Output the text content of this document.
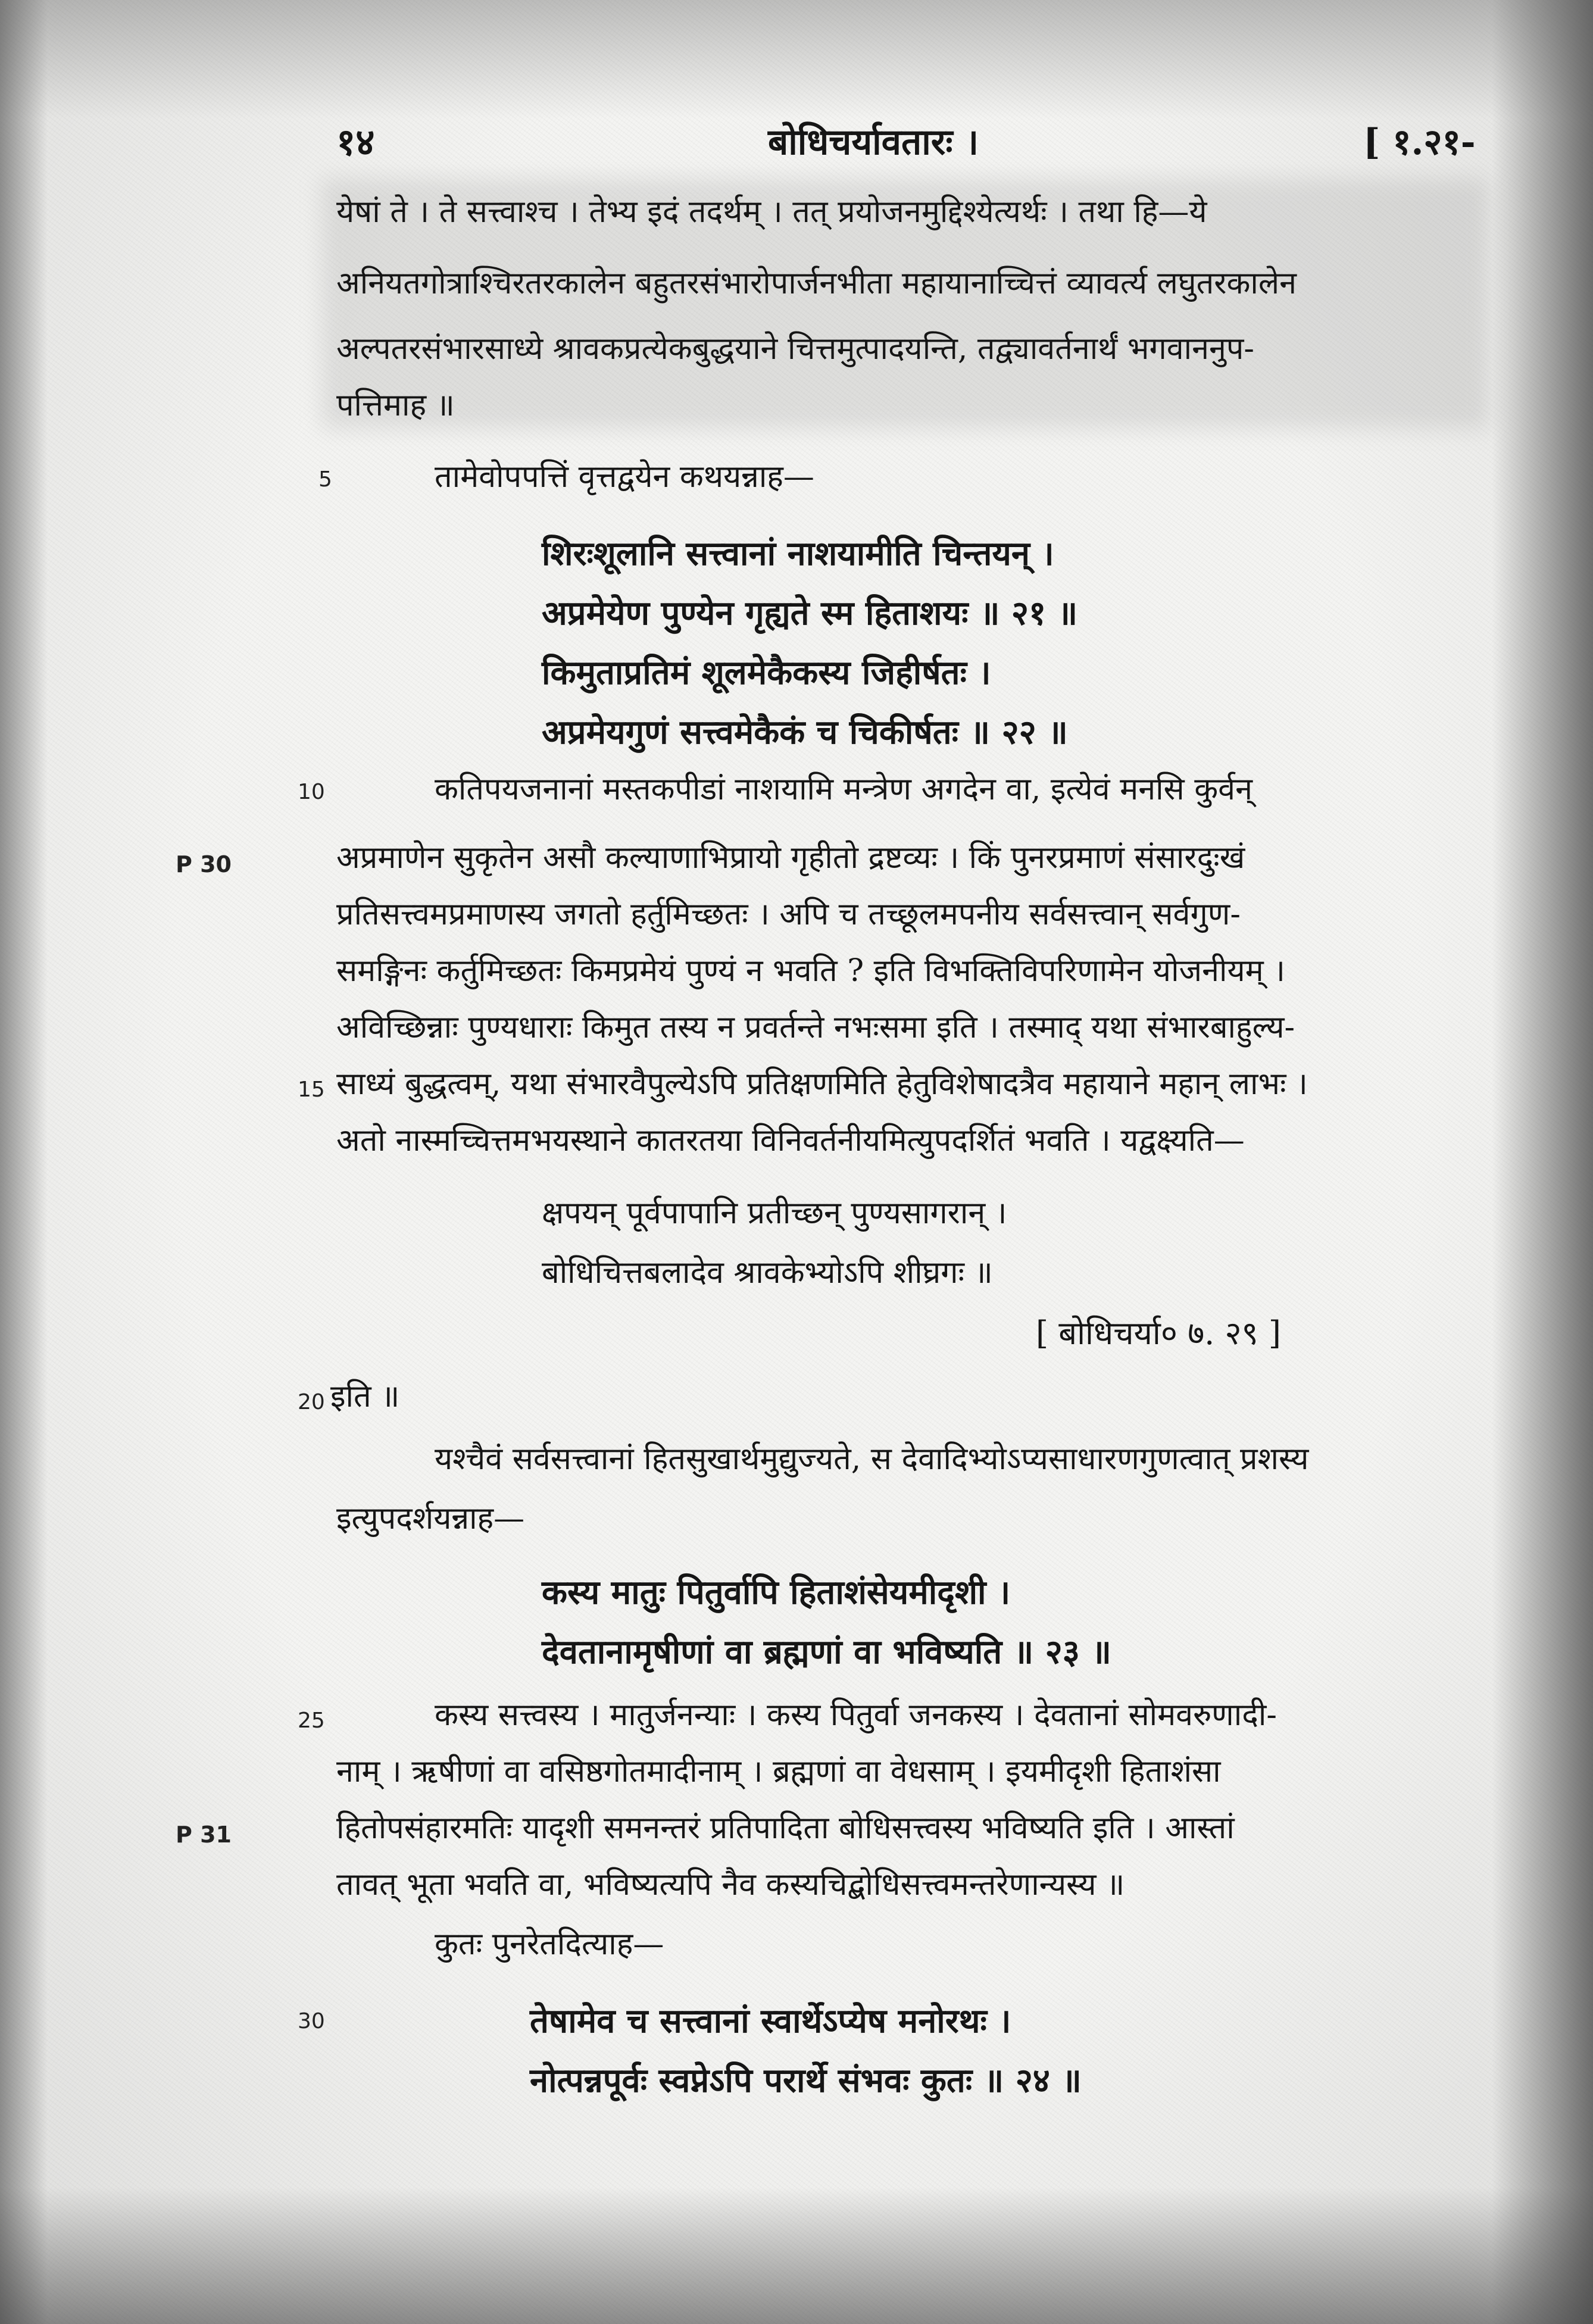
१४	बोधिचर्यावतारः ।	[ १.२१-
येषां ते । ते सत्त्वाश्च । तेभ्य इदं तदर्थम् । तत् प्रयोजनमुद्दिश्येत्यर्थः । तथा हि—ये
अनियतगोत्राश्चिरतरकालेन बहुतरसंभारोपार्जनभीता महायानाच्चित्तं व्यावर्त्य लघुतरकालेन
अल्पतरसंभारसाध्ये श्रावकप्रत्येकबुद्धयाने चित्तमुत्पादयन्ति, तद्व्यावर्तनार्थं भगवाननुप-
पत्तिमाह ॥
5	तामेवोपपत्तिं वृत्तद्वयेन कथयन्नाह—
शिरःशूलानि सत्त्वानां नाशयामीति चिन्तयन् ।
अप्रमेयेण पुण्येन गृह्यते स्म हिताशयः ॥ २१ ॥
किमुताप्रतिमं शूलमेकैकस्य जिहीर्षतः ।
अप्रमेयगुणं सत्त्वमेकैकं च चिकीर्षतः ॥ २२ ॥
10	कतिपयजनानां मस्तकपीडां नाशयामि मन्त्रेण अगदेन वा, इत्येवं मनसि कुर्वन्
P 30	अप्रमाणेन सुकृतेन असौ कल्याणाभिप्रायो गृहीतो द्रष्टव्यः । किं पुनरप्रमाणं संसारदुःखं
प्रतिसत्त्वमप्रमाणस्य जगतो हर्तुमिच्छतः । अपि च तच्छूलमपनीय सर्वसत्त्वान् सर्वगुण-
समङ्गिनः कर्तुमिच्छतः किमप्रमेयं पुण्यं न भवति ? इति विभक्तिविपरिणामेन योजनीयम् ।
अविच्छिन्नाः पुण्यधाराः किमुत तस्य न प्रवर्तन्ते नभःसमा इति । तस्माद् यथा संभारबाहुल्य-
15 साध्यं बुद्धत्वम्, यथा संभारवैपुल्येऽपि प्रतिक्षणमिति हेतुविशेषादत्रैव महायाने महान् लाभः ।
अतो नास्मच्चित्तमभयस्थाने कातरतया विनिवर्तनीयमित्युपदर्शितं भवति । यद्वक्ष्यति—
क्षपयन् पूर्वपापानि प्रतीच्छन् पुण्यसागरान् ।
बोधिचित्तबलादेव श्रावकेभ्योऽपि शीघ्रगः ॥
[ बोधिचर्या० ७. २९ ]
20 इति ॥
यश्चैवं सर्वसत्त्वानां हितसुखार्थमुद्युज्यते, स देवादिभ्योऽप्यसाधारणगुणत्वात् प्रशस्य
इत्युपदर्शयन्नाह—
कस्य मातुः पितुर्वापि हिताशंसेयमीदृशी ।
देवतानामृषीणां वा ब्रह्मणां वा भविष्यति ॥ २३ ॥
25	कस्य सत्त्वस्य । मातुर्जनन्याः । कस्य पितुर्वा जनकस्य । देवतानां सोमवरुणादी-
नाम् । ऋषीणां वा वसिष्ठगोतमादीनाम् । ब्रह्मणां वा वेधसाम् । इयमीदृशी हिताशंसा
P 31	हितोपसंहारमतिः यादृशी समनन्तरं प्रतिपादिता बोधिसत्त्वस्य भविष्यति इति । आस्तां
तावत् भूता भवति वा, भविष्यत्यपि नैव कस्यचिद्बोधिसत्त्वमन्तरेणान्यस्य ॥
कुतः पुनरेतदित्याह—
30	तेषामेव च सत्त्वानां स्वार्थेऽप्येष मनोरथः ।
नोत्पन्नपूर्वः स्वप्नेऽपि परार्थे संभवः कुतः ॥ २४ ॥
